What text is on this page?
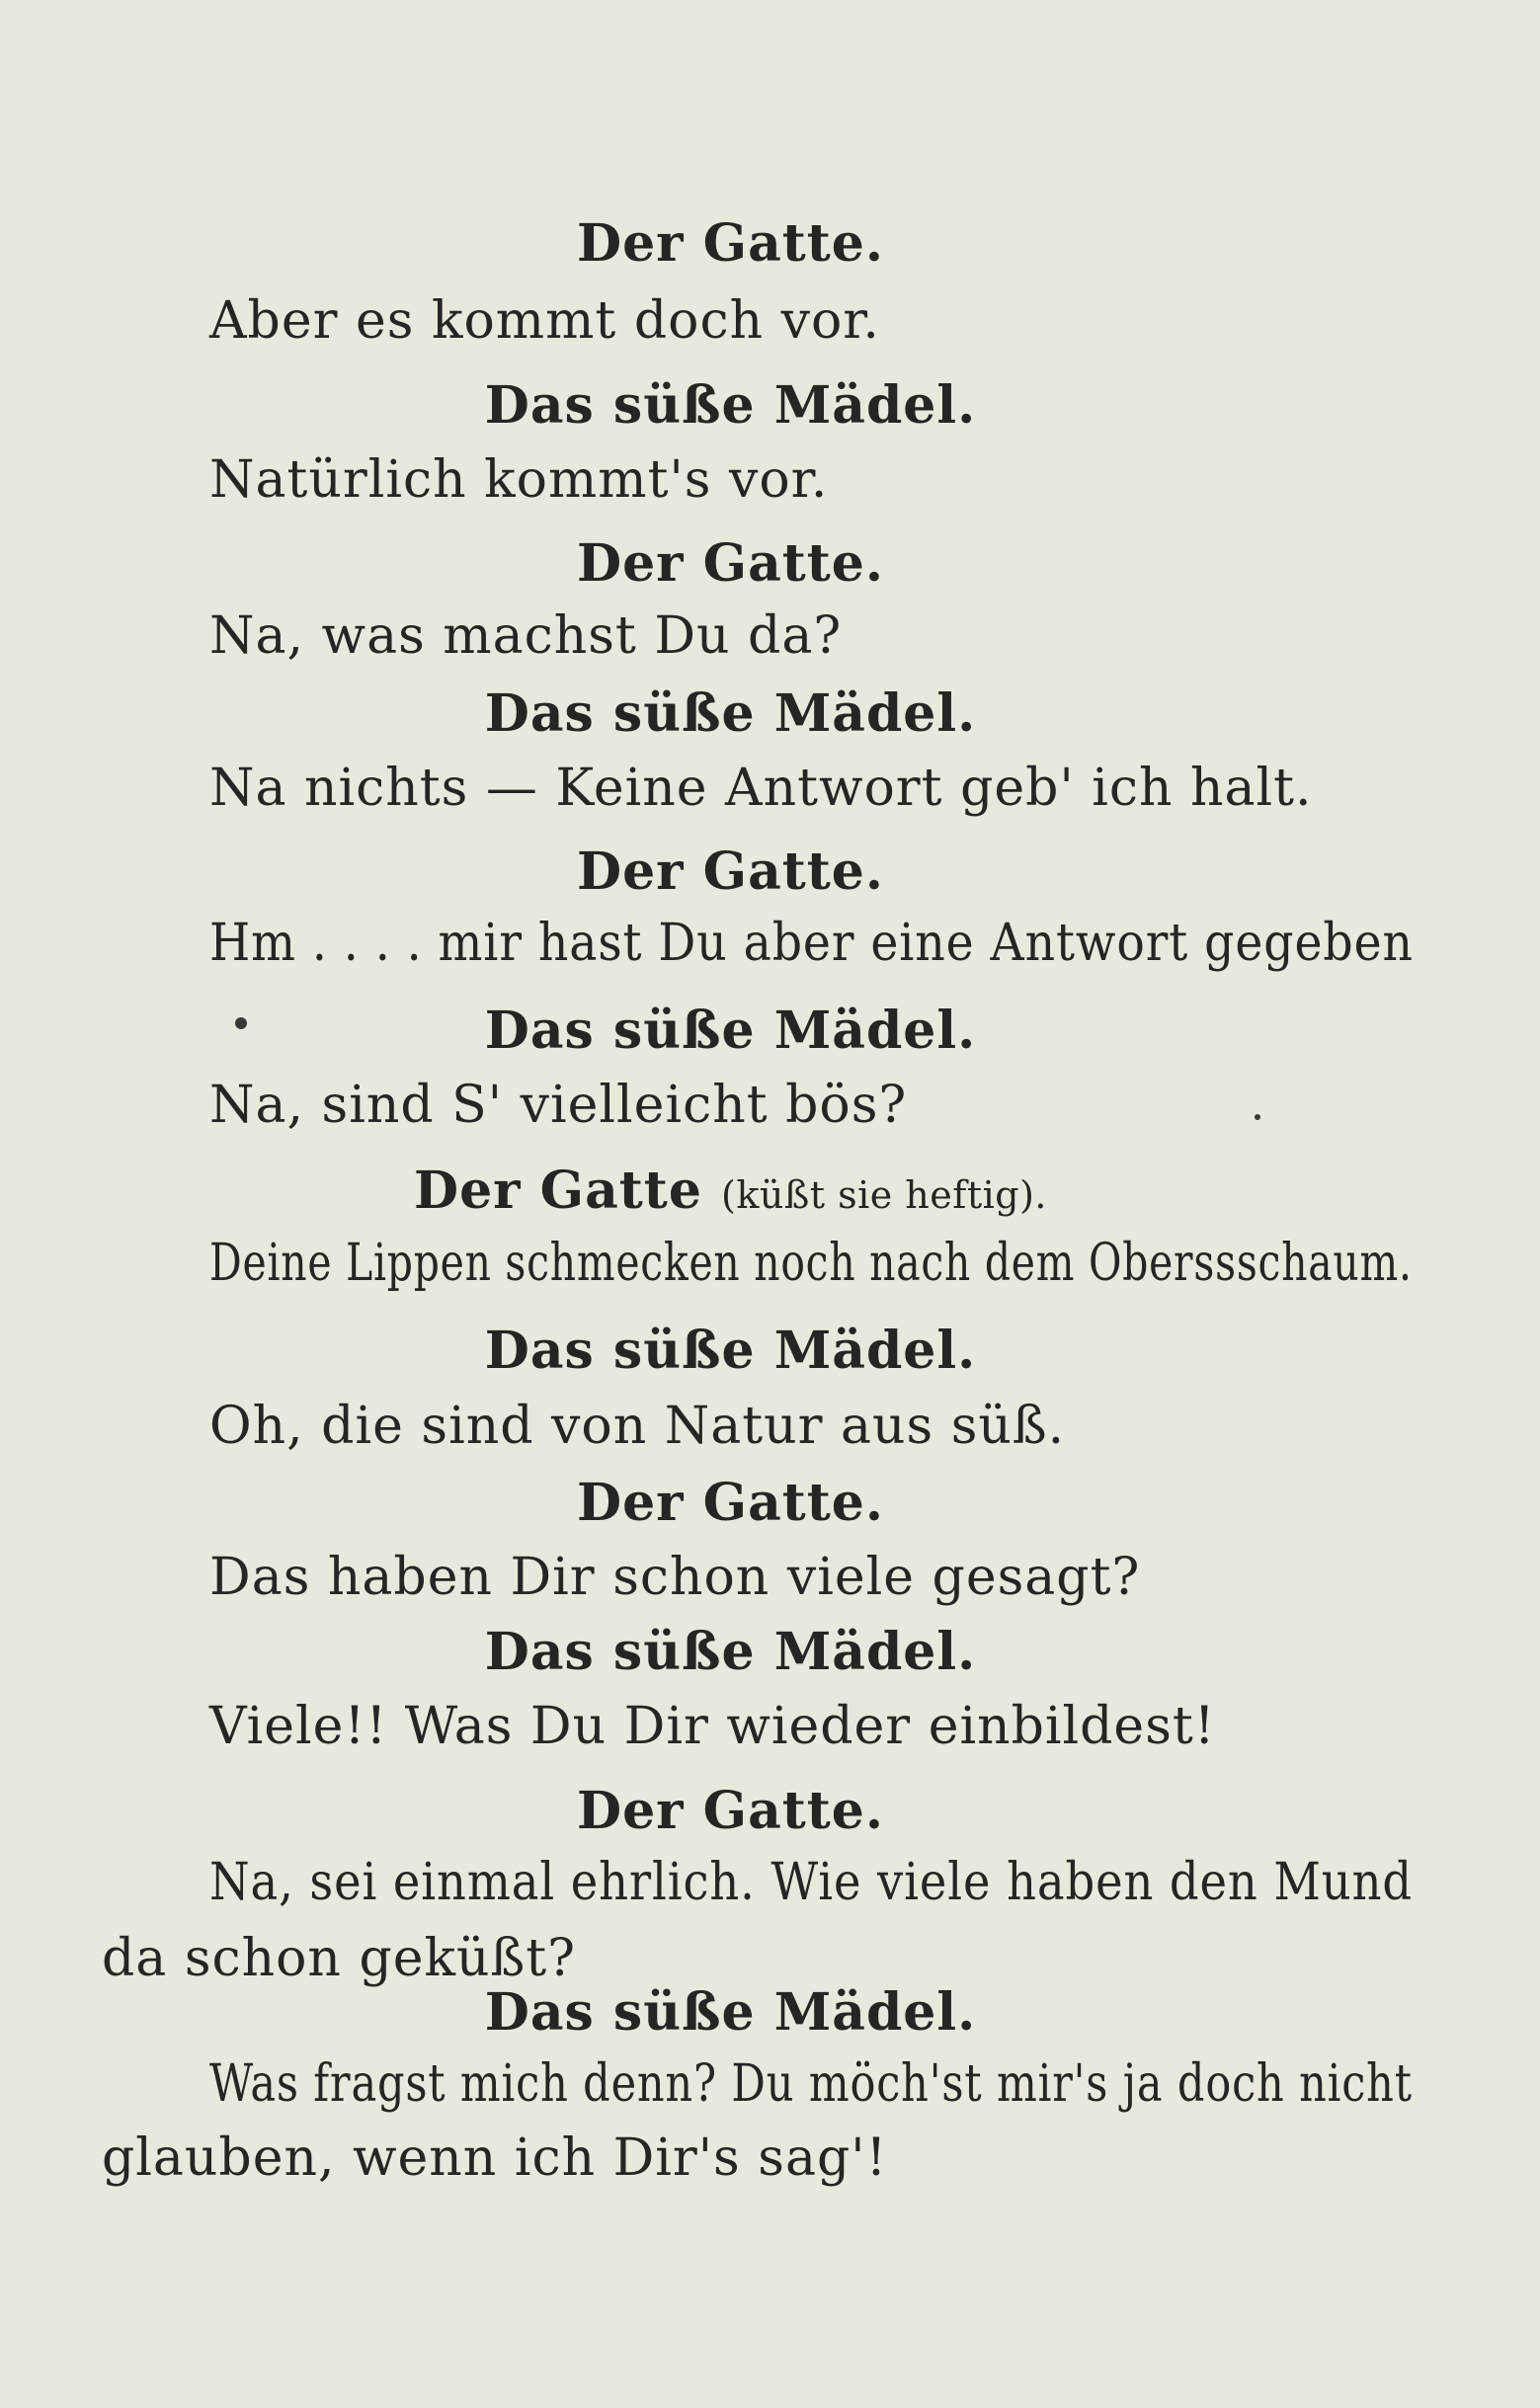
Der Gatte.
Aber es kommt doch vor.
Das süße Mädel.
Natürlich kommt's vor.
Der Gatte.
Na, was machst Du da?
Das süße Mädel.
Na nichts — Keine Antwort geb' ich halt.
Der Gatte.
Hm . . . . mir hast Du aber eine Antwort gegeben
Das süße Mädel.
Na, sind S' vielleicht bös?
Der Gatte (küßt sie heftig).
Deine Lippen schmecken noch nach dem Oberssschaum.
Das süße Mädel.
Oh, die sind von Natur aus süß.
Der Gatte.
Das haben Dir schon viele gesagt?
Das süße Mädel.
Viele!! Was Du Dir wieder einbildest!
Der Gatte.
Na, sei einmal ehrlich. Wie viele haben den Mund
da schon geküßt?
Das süße Mädel.
Was fragst mich denn? Du möch'st mir's ja doch nicht
glauben, wenn ich Dir's sag'!
